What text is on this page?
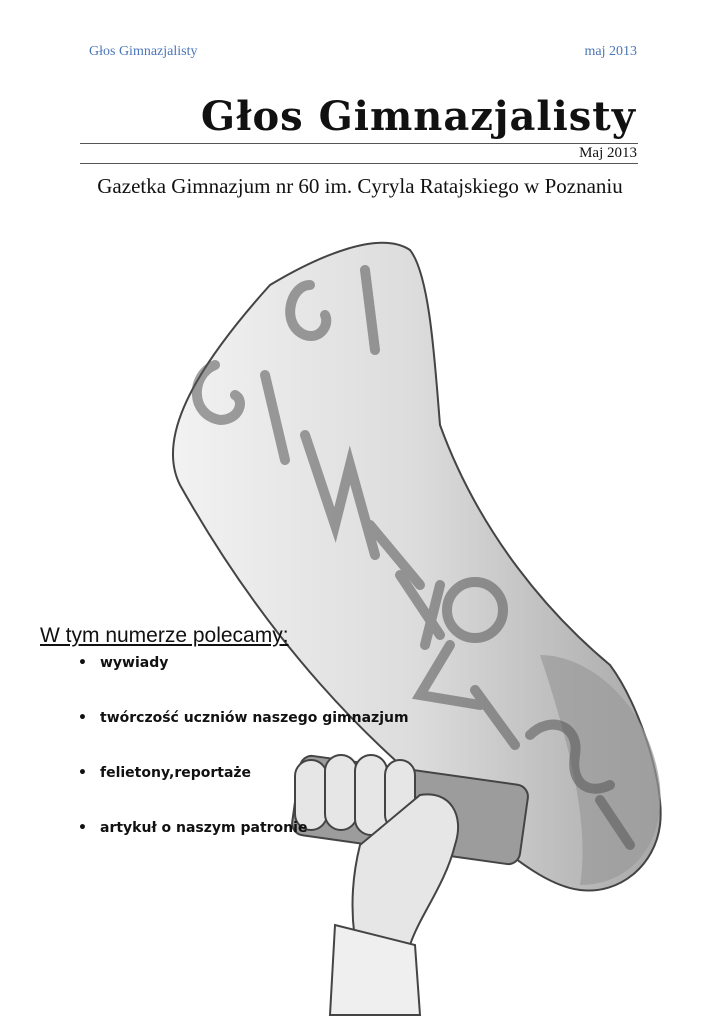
Głos Gimnazjalisty	maj 2013
Głos Gimnazjalisty
Maj 2013
Gazetka Gimnazjum nr 60 im. Cyryla Ratajskiego w Poznaniu
W tym numerze polecamy:
• wywiady
• twórczość uczniów naszego gimnazjum
• felietony,reportaże
• artykuł o naszym patronie
